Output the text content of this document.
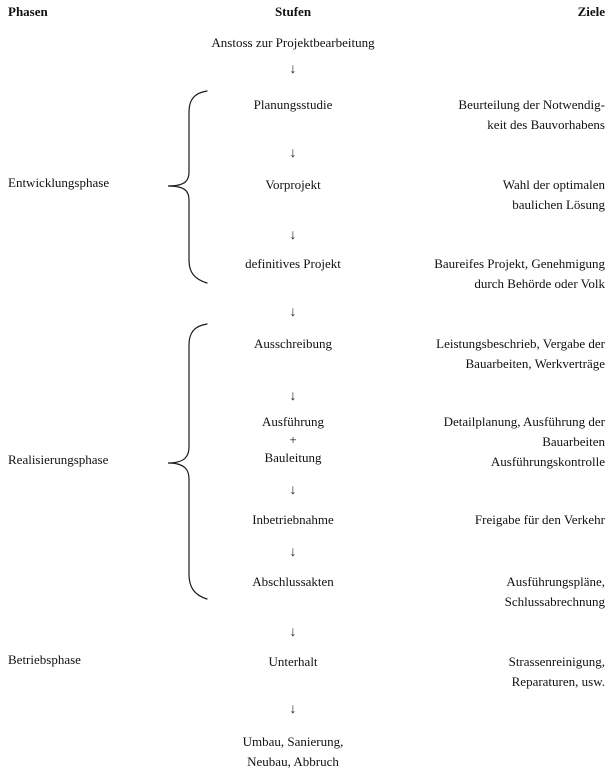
Phasen	Stufen	Ziele
Entwicklungsphase
Realisierungsphase
Betriebsphase
Anstoss zur Projektbearbeitung
↓
Planungsstudie
↓
Vorprojekt
↓
definitives Projekt
↓
Ausschreibung
↓
Ausführung
+
Bauleitung
↓
Inbetriebnahme
↓
Abschlussakten
↓
Unterhalt
↓
Umbau, Sanierung,
Neubau, Abbruch
Beurteilung der Notwendig-
keit des Bauvorhabens
Wahl der optimalen
baulichen Lösung
Baureifes Projekt, Genehmigung
durch Behörde oder Volk
Leistungsbeschrieb, Vergabe der
Bauarbeiten, Werkverträge
Detailplanung, Ausführung der
Bauarbeiten
Ausführungskontrolle
Freigabe für den Verkehr
Ausführungspläne,
Schlussabrechnung
Strassenreinigung,
Reparaturen, usw.
